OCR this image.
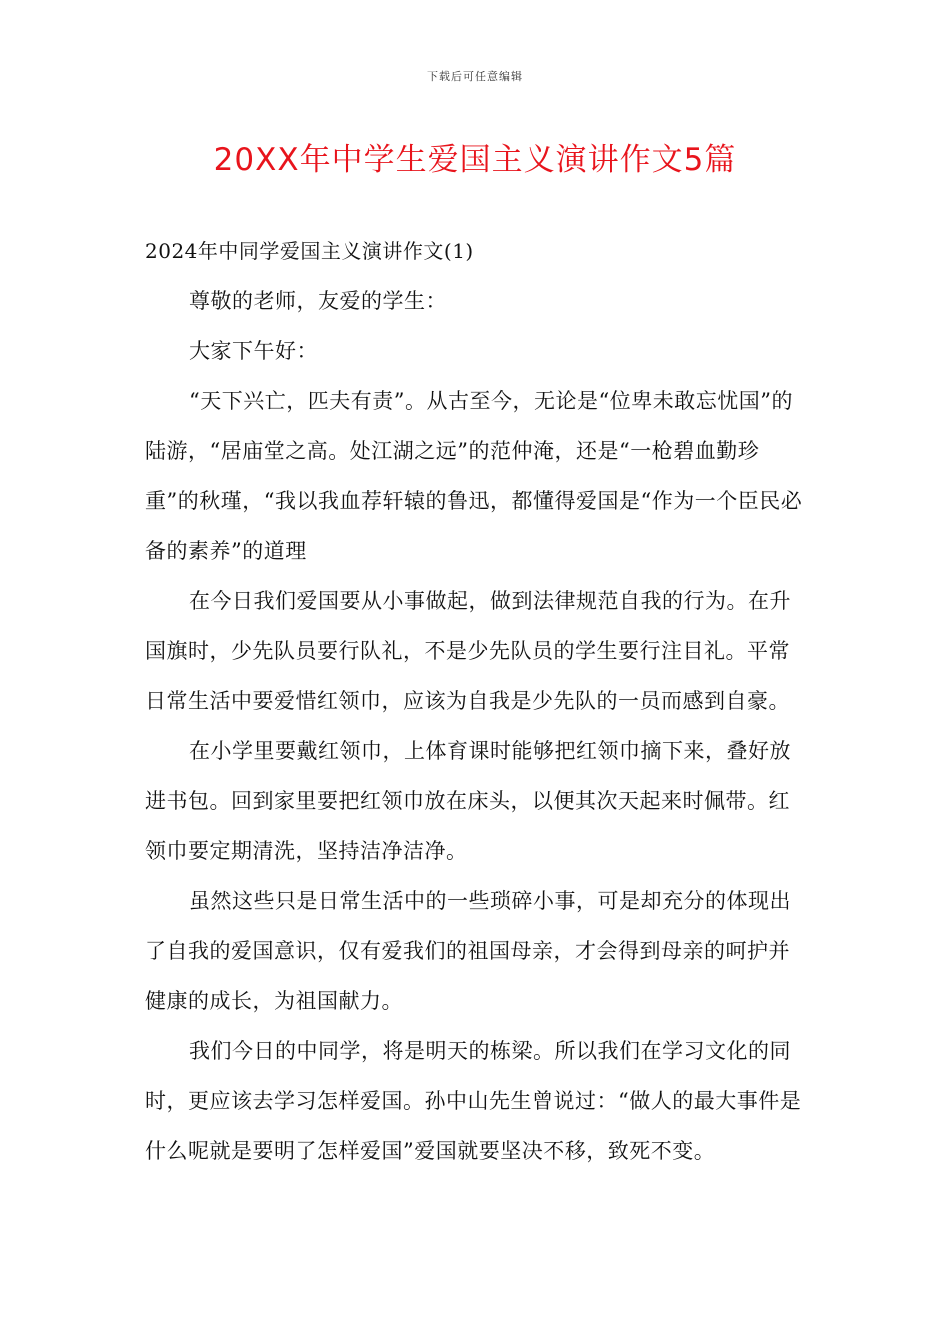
下载后可任意编辑
20XX年中学生爱国主义演讲作文5篇

2024年中同学爱国主义演讲作文(1)

尊敬的老师，友爱的学生：

大家下午好：

“天下兴亡，匹夫有责”。从古至今，无论是“位卑未敢忘忧国”的陆游，“居庙堂之高。处江湖之远”的范仲淹，还是“一枪碧血勤珍重”的秋瑾，“我以我血荐轩辕的鲁迅，都懂得爱国是“作为一个臣民必备的素养”的道理

在今日我们爱国要从小事做起，做到法律规范自我的行为。在升国旗时，少先队员要行队礼，不是少先队员的学生要行注目礼。平常日常生活中要爱惜红领巾，应该为自我是少先队的一员而感到自豪。

在小学里要戴红领巾，上体育课时能够把红领巾摘下来，叠好放进书包。回到家里要把红领巾放在床头，以便其次天起来时佩带。红领巾要定期清洗，坚持洁净洁净。

虽然这些只是日常生活中的一些琐碎小事，可是却充分的体现出了自我的爱国意识，仅有爱我们的祖国母亲，才会得到母亲的呵护并健康的成长，为祖国献力。

我们今日的中同学，将是明天的栋梁。所以我们在学习文化的同时，更应该去学习怎样爱国。孙中山先生曾说过：“做人的最大事件是什么呢就是要明了怎样爱国”爱国就要坚决不移，致死不变。
